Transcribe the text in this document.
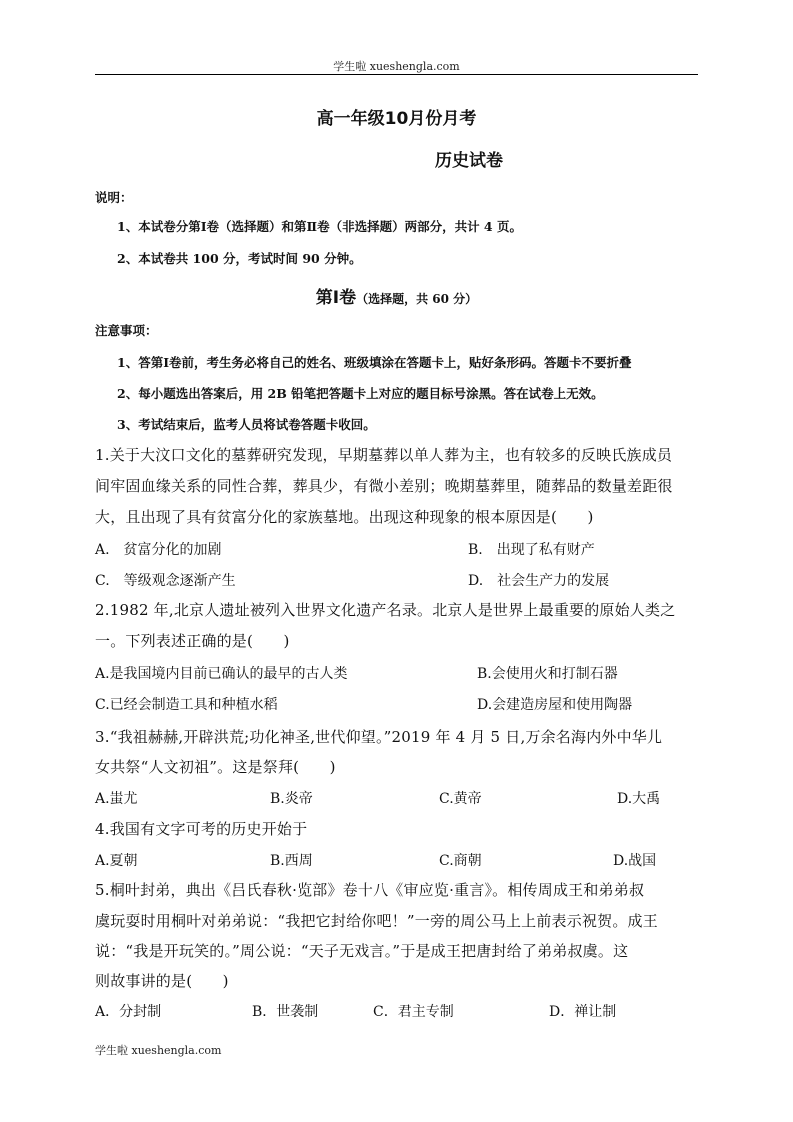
学生啦 xueshengla.com
高一年级10月份月考
历史试卷
说明：
1、本试卷分第Ⅰ卷（选择题）和第Ⅱ卷（非选择题）两部分，共计 4 页。
2、本试卷共 100 分，考试时间 90 分钟。
第Ⅰ卷（选择题，共 60 分）
注意事项：
1、答第Ⅰ卷前，考生务必将自己的姓名、班级填涂在答题卡上，贴好条形码。答题卡不要折叠
2、每小题选出答案后，用 2B 铅笔把答题卡上对应的题目标号涂黑。答在试卷上无效。
3、考试结束后，监考人员将试卷答题卡收回。
1.关于大汶口文化的墓葬研究发现，早期墓葬以单人葬为主，也有较多的反映氏族成员
间牢固血缘关系的同性合葬，葬具少，有微小差别；晚期墓葬里，随葬品的数量差距很
大，且出现了具有贫富分化的家族墓地。出现这种现象的根本原因是(　　)
A.　贫富分化的加剧	B.　出现了私有财产
C.　等级观念逐渐产生	D.　社会生产力的发展
2.1982 年,北京人遗址被列入世界文化遗产名录。北京人是世界上最重要的原始人类之
一。下列表述正确的是(　　)
A.是我国境内目前已确认的最早的古人类	B.会使用火和打制石器
C.已经会制造工具和种植水稻	D.会建造房屋和使用陶器
3.“我祖赫赫,开辟洪荒;功化神圣,世代仰望。”2019 年 4 月 5 日,万余名海内外中华儿
女共祭“人文初祖”。这是祭拜(　　)
A.蚩尤	B.炎帝	C.黄帝	D.大禹
4.我国有文字可考的历史开始于
A.夏朝	B.西周	C.商朝	D.战国
5.桐叶封弟，典出《吕氏春秋·览部》卷十八《审应览·重言》。相传周成王和弟弟叔
虞玩耍时用桐叶对弟弟说：“我把它封给你吧！”一旁的周公马上上前表示祝贺。成王
说：“我是开玩笑的。”周公说：“天子无戏言。”于是成王把唐封给了弟弟叔虞。这
则故事讲的是(　　)
A．分封制	B．世袭制	C．君主专制	D．禅让制
学生啦 xueshengla.com
